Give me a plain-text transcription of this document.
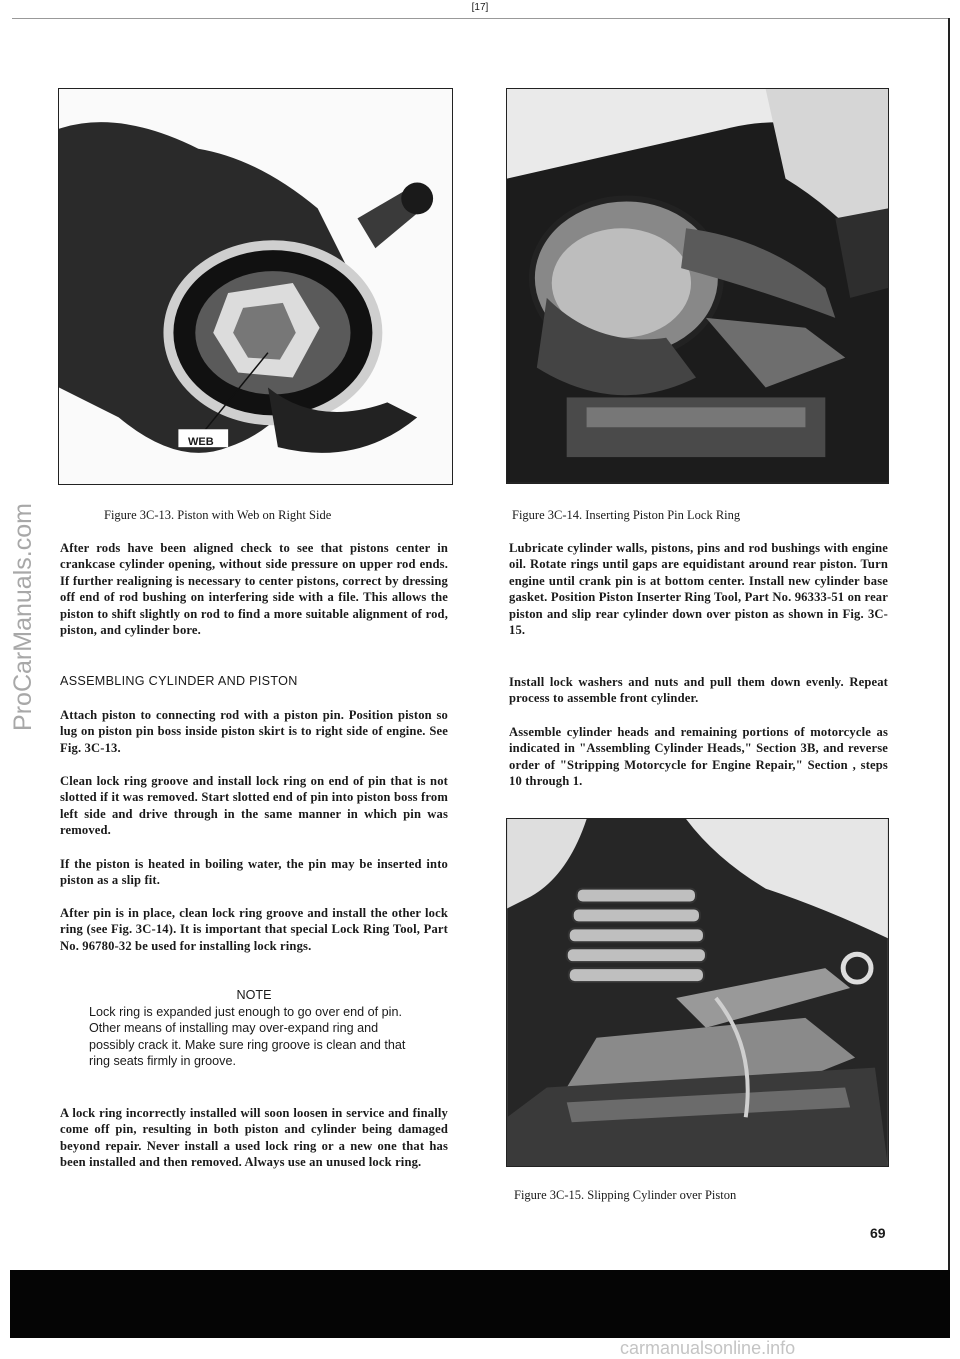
[17]
ProCarManuals.com
WEB
Figure 3C-13. Piston with Web on Right Side	Figure 3C-14. Inserting Piston Pin Lock Ring
Figure 3C-15. Slipping Cylinder over Piston

After rods have been aligned check to see that pistons center in crankcase cylinder opening, without side pressure on upper rod ends. If further realigning is necessary to center pistons, correct by dressing off end of rod bushing on interfering side with a file. This allows the piston to shift slightly on rod to find a more suitable alignment of rod, piston, and cylinder bore.

ASSEMBLING CYLINDER AND PISTON

Attach piston to connecting rod with a piston pin. Position piston so lug on piston pin boss inside piston skirt is to right side of engine. See Fig. 3C-13.

Clean lock ring groove and install lock ring on end of pin that is not slotted if it was removed. Start slotted end of pin into piston boss from left side and drive through in the same manner in which pin was removed.

If the piston is heated in boiling water, the pin may be inserted into piston as a slip fit.

After pin is in place, clean lock ring groove and install the other lock ring (see Fig. 3C-14). It is important that special Lock Ring Tool, Part No. 96780-32 be used for installing lock rings.

NOTE

Lock ring is expanded just enough to go over end of pin. Other means of installing may over-expand ring and possibly crack it. Make sure ring groove is clean and that ring seats firmly in groove.

A lock ring incorrectly installed will soon loosen in service and finally come off pin, resulting in both piston and cylinder being damaged beyond repair. Never install a used lock ring or a new one that has been installed and then removed. Always use an unused lock ring.

Lubricate cylinder walls, pistons, pins and rod bushings with engine oil. Rotate rings until gaps are equidistant around rear piston. Turn engine until crank pin is at bottom center. Install new cylinder base gasket. Position Piston Inserter Ring Tool, Part No. 96333-51 on rear piston and slip rear cylinder down over piston as shown in Fig. 3C-15.

Install lock washers and nuts and pull them down evenly. Repeat process to assemble front cylinder.

Assemble cylinder heads and remaining portions of motorcycle as indicated in "Assembling Cylinder Heads," Section 3B, and reverse order of "Stripping Motorcycle for Engine Repair," Section , steps 10 through 1.

69
carmanualsonline.info
